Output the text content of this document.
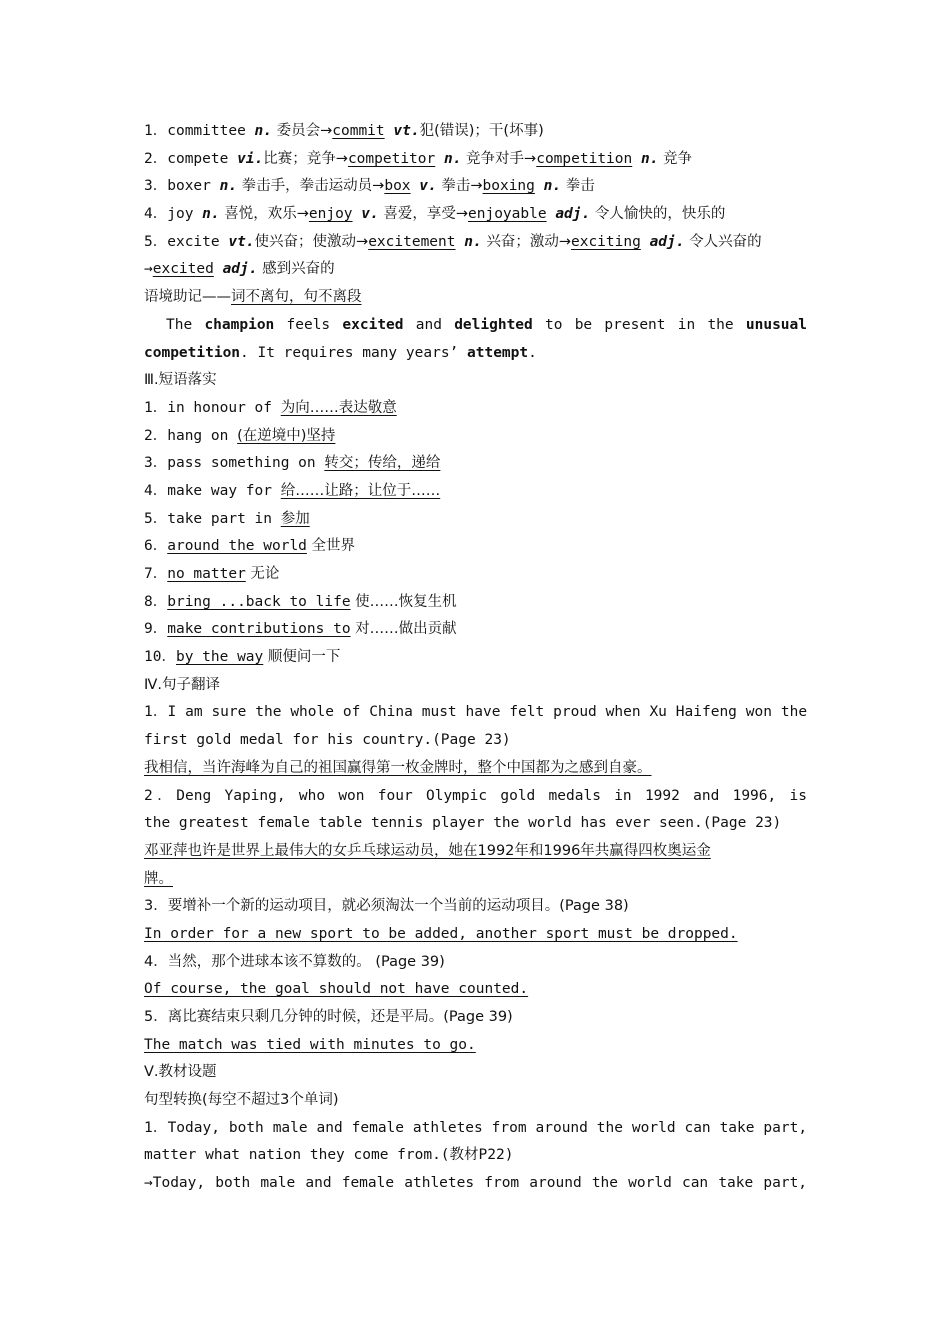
1．committee n. 委员会→commit vt.犯(错误)；干(坏事)
2．compete vi.比赛；竞争→competitor n. 竞争对手→competition n. 竞争
3．boxer n. 拳击手，拳击运动员→box v. 拳击→boxing n. 拳击
4．joy n. 喜悦，欢乐→enjoy v. 喜爱，享受→enjoyable adj. 令人愉快的，快乐的
5．excite vt.使兴奋；使激动→excitement n. 兴奋；激动→exciting adj. 令人兴奋的
→excited adj. 感到兴奋的
语境助记——词不离句，句不离段
The champion feels excited and delighted to be present in the unusual
competition. It requires many years’ attempt.
Ⅲ.短语落实
1．in honour of 为向……表达敬意
2．hang on (在逆境中)坚持
3．pass something on 转交；传给，递给
4．make way for 给……让路；让位于……
5．take part in 参加
6．around the world 全世界
7．no matter 无论
8．bring ...back to life 使……恢复生机
9．make contributions to 对……做出贡献
10．by the way 顺便问一下
Ⅳ.句子翻译
1．I am sure the whole of China must have felt proud when Xu Haifeng won the
first gold medal for his country.(Page 23)
我相信，当许海峰为自己的祖国赢得第一枚金牌时，整个中国都为之感到自豪。
2．Deng Yaping, who won four Olympic gold medals in 1992 and 1996, is
the greatest female table tennis player the world has ever seen.(Page 23)
邓亚萍也许是世界上最伟大的女乒乓球运动员，她在1992年和1996年共赢得四枚奥运金
牌。
3．要增补一个新的运动项目，就必须淘汰一个当前的运动项目。(Page 38)
In order for a new sport to be added, another sport must be dropped.
4．当然，那个进球本该不算数的。 (Page 39)
Of course, the goal should not have counted.
5．离比赛结束只剩几分钟的时候，还是平局。(Page 39)
The match was tied with minutes to go.
Ⅴ.教材设题
句型转换(每空不超过3个单词)
1．Today, both male and female athletes from around the world can take part,
matter what nation they come from.(教材P22)
→Today, both male and female athletes from around the world can take part,
